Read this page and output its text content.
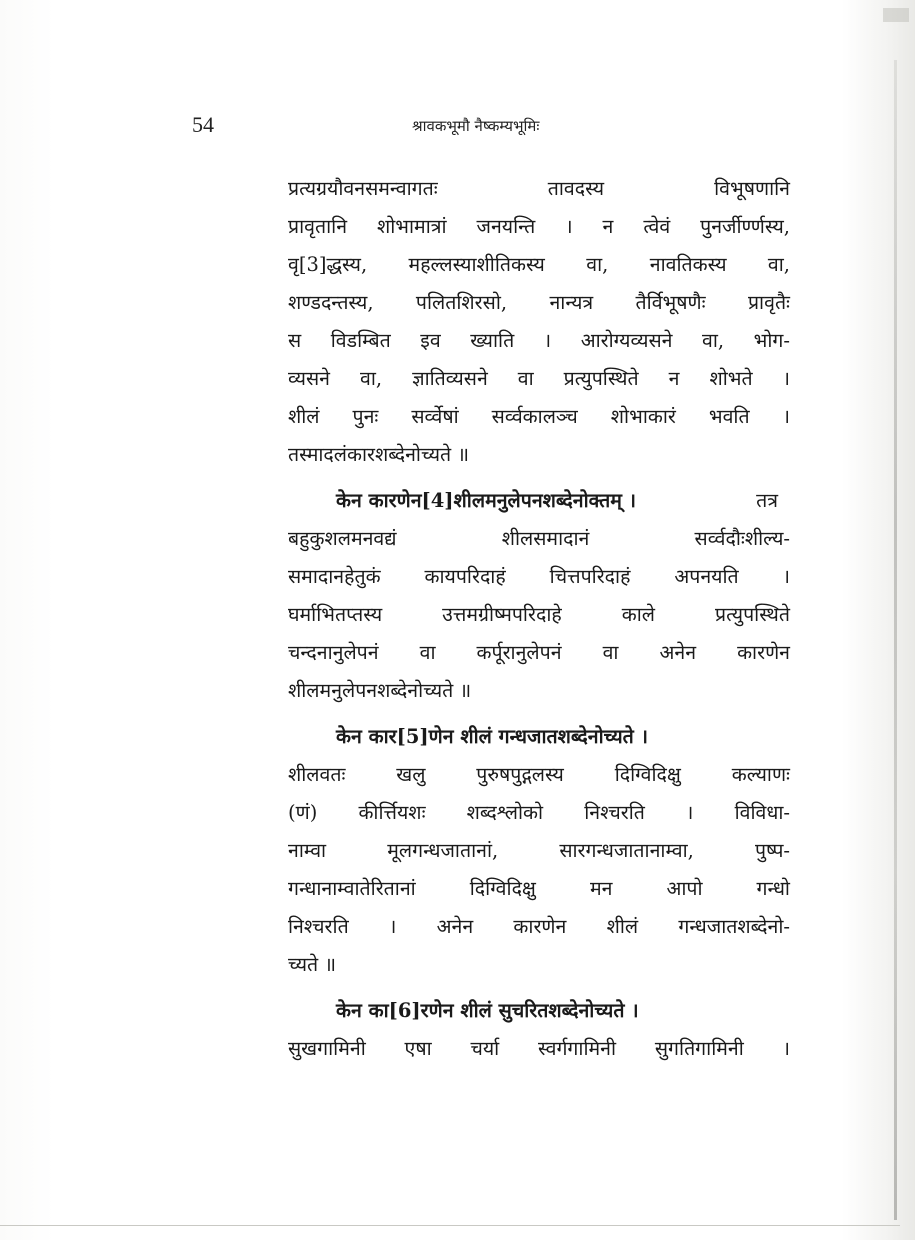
54	श्रावकभूमौ नैष्कम्यभूमिः
प्रत्यग्रयौवनसमन्वागतः तावदस्य विभूषणानि
प्रावृतानि शोभामात्रां जनयन्ति । न त्वेवं पुनर्जीर्ण्णस्य,
वृ[3]द्धस्य, महल्लस्याशीतिकस्य वा, नावतिकस्य वा,
शण्डदन्तस्य, पलितशिरसो, नान्यत्र तैर्विभूषणैः प्रावृतैः
स विडम्बित इव ख्याति । आरोग्यव्यसने वा, भोग-
व्यसने वा, ज्ञातिव्यसने वा प्रत्युपस्थिते न शोभते ।
शीलं पुनः सर्व्वेषां सर्व्वकालञ्च शोभाकारं भवति ।
तस्मादलंकारशब्देनोच्यते ॥
केन कारणेन[4]शीलमनुलेपनशब्देनोक्तम् ।	तत्र
बहुकुशलमनवद्यं शीलसमादानं सर्व्वदौःशील्य-
समादानहेतुकं कायपरिदाहं चित्तपरिदाहं अपनयति ।
घर्माभितप्तस्य उत्तमग्रीष्मपरिदाहे काले प्रत्युपस्थिते
चन्दनानुलेपनं वा कर्पूरानुलेपनं वा अनेन कारणेन
शीलमनुलेपनशब्देनोच्यते ॥
केन कार[5]णेन शीलं गन्धजातशब्देनोच्यते ।
शीलवतः खलु पुरुषपुद्गलस्य दिग्विदिक्षु कल्याणः
(णं) कीर्त्तियशः शब्दश्लोको निश्चरति । विविधा-
नाम्वा मूलगन्धजातानां, सारगन्धजातानाम्वा, पुष्प-
गन्धानाम्वातेरितानां दिग्विदिक्षु मन आपो गन्धो
निश्चरति । अनेन कारणेन शीलं गन्धजातशब्देनो-
च्यते ॥
केन का[6]रणेन शीलं सुचरितशब्देनोच्यते ।
सुखगामिनी एषा चर्या स्वर्गगामिनी सुगतिगामिनी ।
